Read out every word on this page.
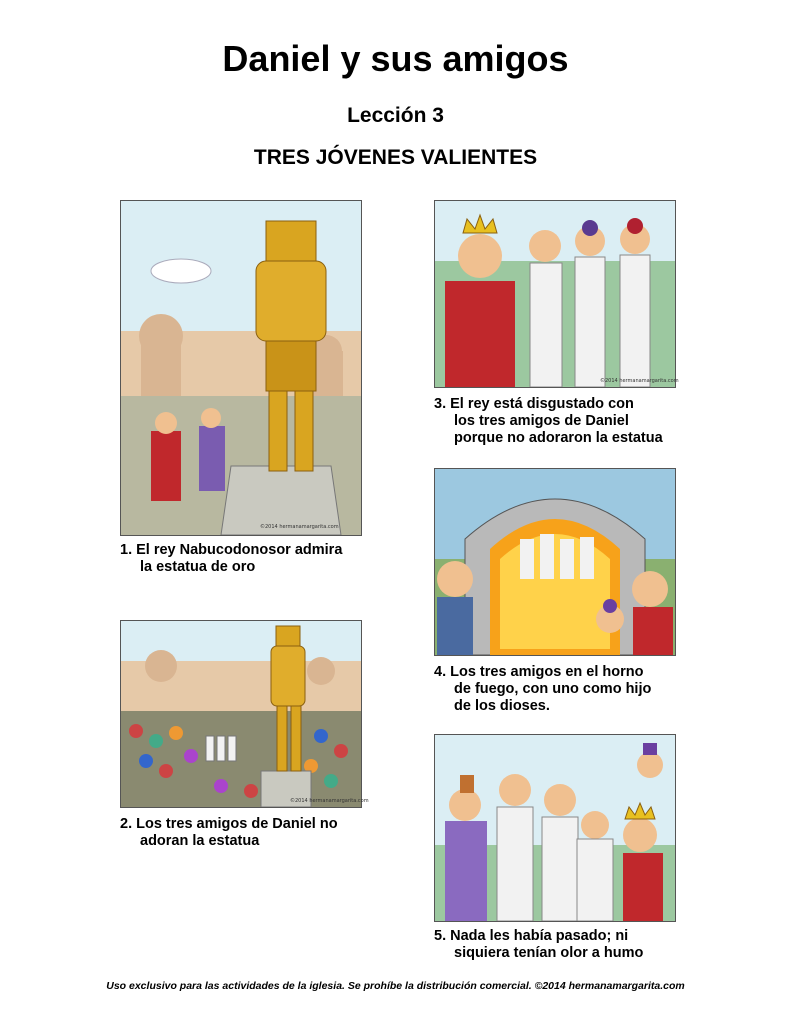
Daniel y sus amigos
Lección 3
TRES JÓVENES VALIENTES
©2014 hermanamargarita.com
1. El rey Nabucodonosor admira
la estatua de oro
©2014 hermanamargarita.com
2. Los tres amigos de Daniel no
adoran la estatua
©2014 hermanamargarita.com
3. El rey está disgustado con
los tres amigos de Daniel
porque no adoraron la estatua
4. Los tres amigos en el horno
de fuego, con uno como hijo
de los dioses.
5. Nada les había pasado; ni
siquiera tenían olor a humo
Uso exclusivo para las actividades de la iglesia. Se prohíbe la distribución comercial. ©2014 hermanamargarita.com
